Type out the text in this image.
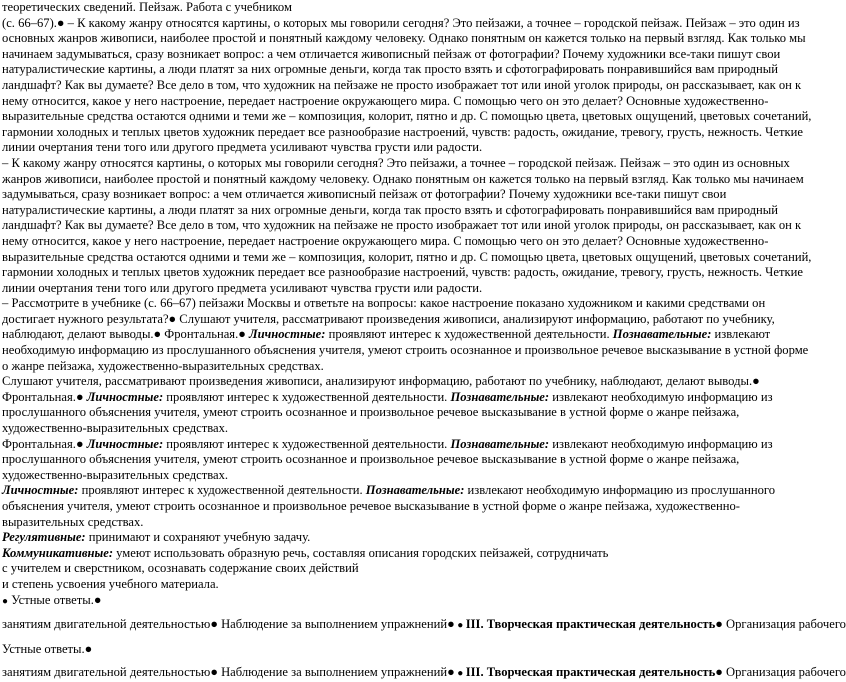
теоретических сведений. Пейзаж. Работа с учебником

(с. 66–67).● – К какому жанру относятся картины, о которых мы говорили сегодня? Это пейзажи, а точнее – городской пейзаж. Пейзаж – это один из основных жанров живописи, наиболее простой и понятный каждому человеку. Однако понятным он кажется только на первый взгляд. Как только мы начинаем задумываться, сразу возникает вопрос: а чем отличается живописный пейзаж от фотографии? Почему художники все-таки пишут свои натуралистические картины, а люди платят за них огромные деньги, когда так просто взять и сфотографировать понравившийся вам природный ландшафт? Как вы думаете? Все дело в том, что художник на пейзаже не просто изображает тот или иной уголок природы, он рассказывает, как он к нему относится, какое у него настроение, передает настроение окружающего мира. С помощью чего он это делает? Основные художественно-выразительные средства остаются одними и теми же – композиция, колорит, пятно и др. С помощью цвета, цветовых ощущений, цветовых сочетаний, гармонии холодных и теплых цветов художник передает все разнообразие настроений, чувств: радость, ожидание, тревогу, грусть, нежность. Четкие линии очертания тени того или другого предмета усиливают чувства грусти или радости.

– К какому жанру относятся картины, о которых мы говорили сегодня? Это пейзажи, а точнее – городской пейзаж. Пейзаж – это один из основных жанров живописи, наиболее простой и понятный каждому человеку. Однако понятным он кажется только на первый взгляд. Как только мы начинаем задумываться, сразу возникает вопрос: а чем отличается живописный пейзаж от фотографии? Почему художники все-таки пишут свои натуралистические картины, а люди платят за них огромные деньги, когда так просто взять и сфотографировать понравившийся вам природный ландшафт? Как вы думаете? Все дело в том, что художник на пейзаже не просто изображает тот или иной уголок природы, он рассказывает, как он к нему относится, какое у него настроение, передает настроение окружающего мира. С помощью чего он это делает? Основные художественно-выразительные средства остаются одними и теми же – композиция, колорит, пятно и др. С помощью цвета, цветовых ощущений, цветовых сочетаний, гармонии холодных и теплых цветов художник передает все разнообразие настроений, чувств: радость, ожидание, тревогу, грусть, нежность. Четкие линии очертания тени того или другого предмета усиливают чувства грусти или радости.

– Рассмотрите в учебнике (с. 66–67) пейзажи Москвы и ответьте на вопросы: какое настроение показано художником и какими средствами он достигает нужного результата?● Слушают учителя, рассматривают произведения живописи, анализируют информацию, работают по учебнику, наблюдают, делают выводы.● Фронтальная.● Личностные: проявляют интерес к художественной деятельности. Познавательные: извлекают необходимую информацию из прослушанного объяснения учителя, умеют строить осознанное и произвольное речевое высказывание в устной форме о жанре пейзажа, художественно-выразительных средствах.

Слушают учителя, рассматривают произведения живописи, анализируют информацию, работают по учебнику, наблюдают, делают выводы.● Фронтальная.● Личностные: проявляют интерес к художественной деятельности. Познавательные: извлекают необходимую информацию из прослушанного объяснения учителя, умеют строить осознанное и произвольное речевое высказывание в устной форме о жанре пейзажа, художественно-выразительных средствах.

Фронтальная.● Личностные: проявляют интерес к художественной деятельности. Познавательные: извлекают необходимую информацию из прослушанного объяснения учителя, умеют строить осознанное и произвольное речевое высказывание в устной форме о жанре пейзажа, художественно-выразительных средствах.

Личностные: проявляют интерес к художественной деятельности. Познавательные: извлекают необходимую информацию из прослушанного объяснения учителя, умеют строить осознанное и произвольное речевое высказывание в устной форме о жанре пейзажа, художественно-выразительных средствах.

Регулятивные: принимают и сохраняют учебную задачу.

Коммуникативные: умеют использовать образную речь, составляя описания городских пейзажей, сотрудничать

с учителем и сверстником, осознавать содержание своих действий

и степень усвоения учебного материала.

● Устные ответы.●

занятиям двигательной деятельностью● Наблюдение за выполнением упражнений● ● III. Творческая практическая деятельность● Организация рабочего

Устные ответы.●

занятиям двигательной деятельностью● Наблюдение за выполнением упражнений● ● III. Творческая практическая деятельность● Организация рабочего
